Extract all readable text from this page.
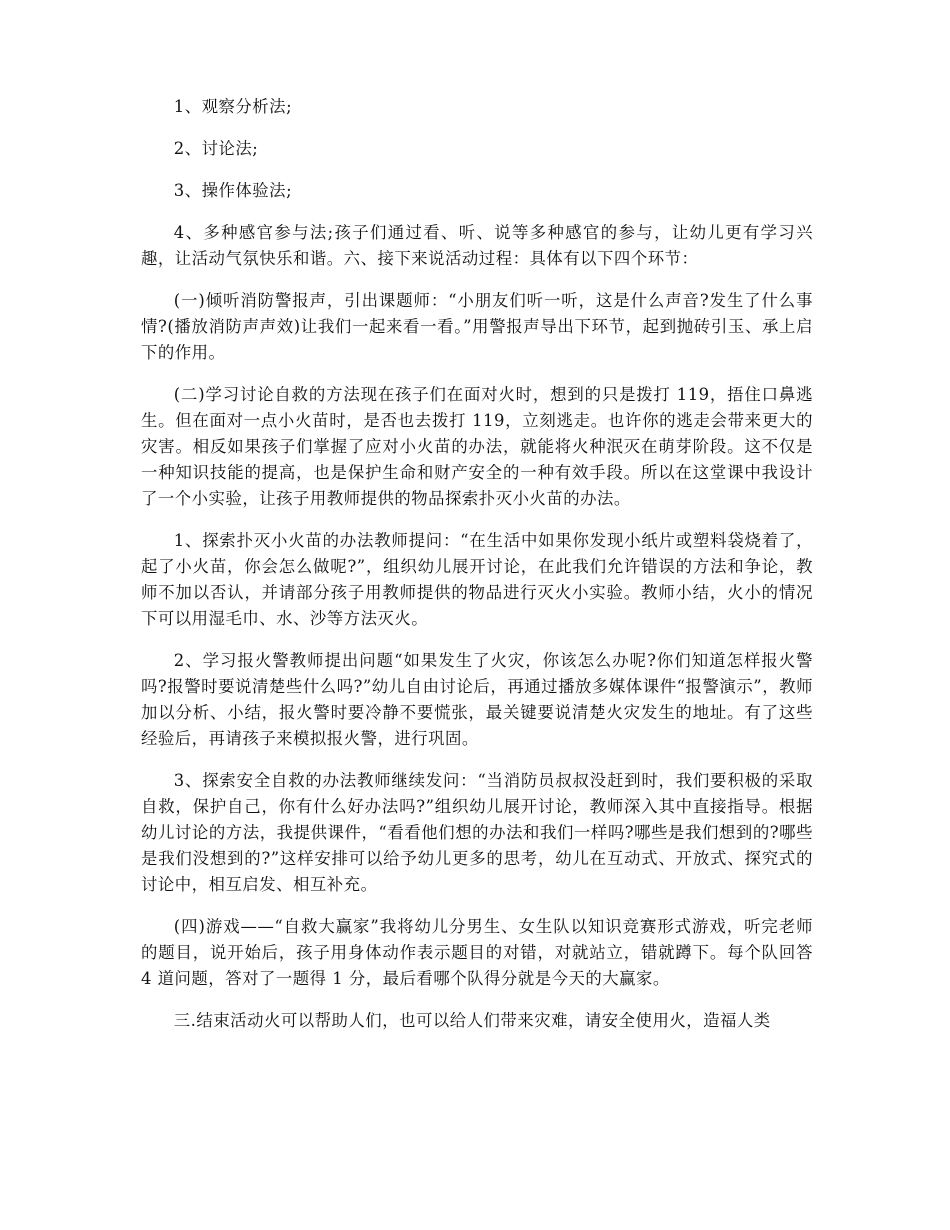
1、观察分析法;

2、讨论法;

3、操作体验法;

4、多种感官参与法;孩子们通过看、听、说等多种感官的参与，让幼儿更有学习兴趣，让活动气氛快乐和谐。六、接下来说活动过程：具体有以下四个环节：

(一)倾听消防警报声，引出课题师：“小朋友们听一听，这是什么声音?发生了什么事情?(播放消防声声效)让我们一起来看一看。”用警报声导出下环节，起到抛砖引玉、承上启下的作用。

(二)学习讨论自救的方法现在孩子们在面对火时，想到的只是拨打 119，捂住口鼻逃生。但在面对一点小火苗时，是否也去拨打 119，立刻逃走。也许你的逃走会带来更大的灾害。相反如果孩子们掌握了应对小火苗的办法，就能将火种泯灭在萌芽阶段。这不仅是一种知识技能的提高，也是保护生命和财产安全的一种有效手段。所以在这堂课中我设计了一个小实验，让孩子用教师提供的物品探索扑灭小火苗的办法。

1、探索扑灭小火苗的办法教师提问：“在生活中如果你发现小纸片或塑料袋烧着了，起了小火苗，你会怎么做呢?”，组织幼儿展开讨论，在此我们允许错误的方法和争论，教师不加以否认，并请部分孩子用教师提供的物品进行灭火小实验。教师小结，火小的情况下可以用湿毛巾、水、沙等方法灭火。

2、学习报火警教师提出问题“如果发生了火灾，你该怎么办呢?你们知道怎样报火警吗?报警时要说清楚些什么吗?”幼儿自由讨论后，再通过播放多媒体课件“报警演示”，教师加以分析、小结，报火警时要冷静不要慌张，最关键要说清楚火灾发生的地址。有了这些经验后，再请孩子来模拟报火警，进行巩固。

3、探索安全自救的办法教师继续发问：“当消防员叔叔没赶到时，我们要积极的采取自救，保护自己，你有什么好办法吗?”组织幼儿展开讨论，教师深入其中直接指导。根据幼儿讨论的方法，我提供课件，“看看他们想的办法和我们一样吗?哪些是我们想到的?哪些是我们没想到的?”这样安排可以给予幼儿更多的思考，幼儿在互动式、开放式、探究式的讨论中，相互启发、相互补充。

(四)游戏——“自救大赢家”我将幼儿分男生、女生队以知识竞赛形式游戏，听完老师的题目，说开始后，孩子用身体动作表示题目的对错，对就站立，错就蹲下。每个队回答 4 道问题，答对了一题得 1 分，最后看哪个队得分就是今天的大赢家。

三.结束活动火可以帮助人们，也可以给人们带来灾难，请安全使用火，造福人类
